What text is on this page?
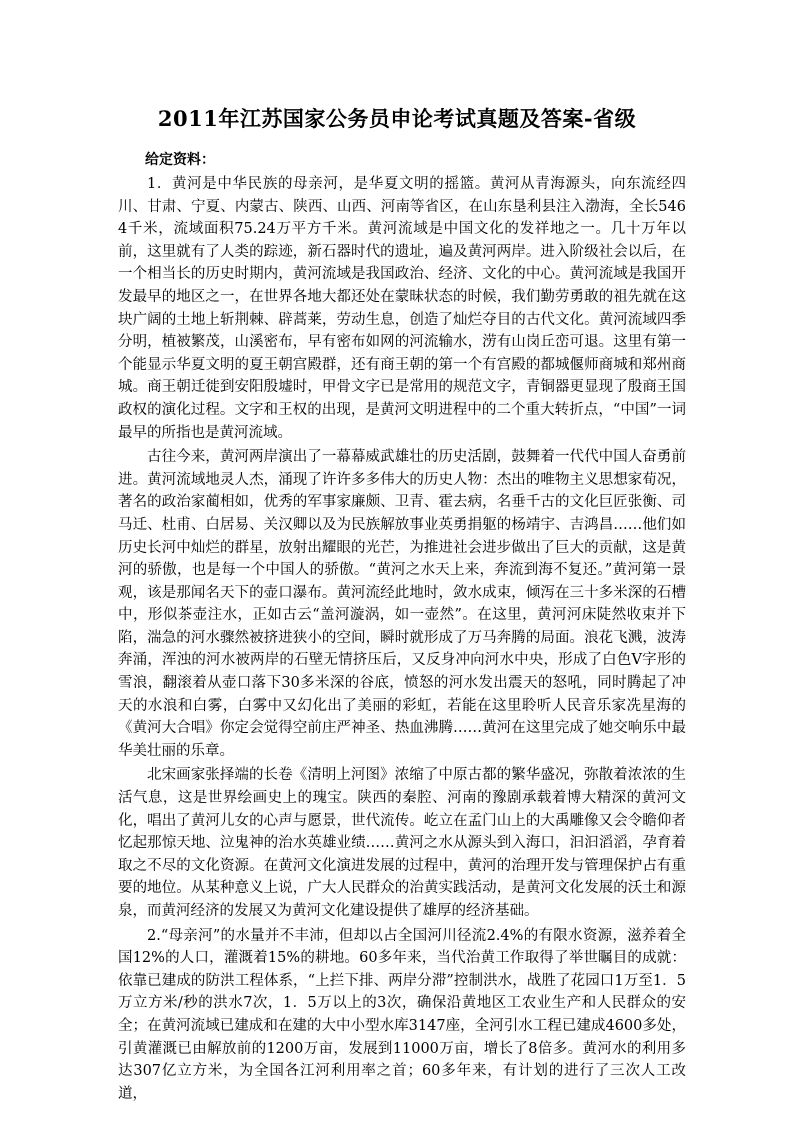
2011年江苏国家公务员申论考试真题及答案-省级
给定资料：

1．黄河是中华民族的母亲河，是华夏文明的摇篮。黄河从青海源头，向东流经四川、甘肃、宁夏、内蒙古、陕西、山西、河南等省区，在山东垦利县注入渤海，全长5464千米，流域面积75.24万平方千米。黄河流域是中国文化的发祥地之一。几十万年以前，这里就有了人类的踪迹，新石器时代的遗址，遍及黄河两岸。进入阶级社会以后，在一个相当长的历史时期内，黄河流域是我国政治、经济、文化的中心。黄河流域是我国开发最早的地区之一，在世界各地大都还处在蒙昧状态的时候，我们勤劳勇敢的祖先就在这块广阔的土地上斩荆棘、辟蒿莱，劳动生息，创造了灿烂夺目的古代文化。黄河流域四季分明，植被繁茂，山溪密布，早有密布如网的河流输水，涝有山岗丘峦可退。这里有第一个能显示华夏文明的夏王朝宫殿群，还有商王朝的第一个有宫殿的都城偃师商城和郑州商城。商王朝迁徙到安阳殷墟时，甲骨文字已是常用的规范文字，青铜器更显现了殷商王国政权的演化过程。文字和王权的出现，是黄河文明进程中的二个重大转折点，“中国”一词最早的所指也是黄河流域。

古往今来，黄河两岸演出了一幕幕威武雄壮的历史活剧，鼓舞着一代代中国人奋勇前进。黄河流域地灵人杰，涌现了许许多多伟大的历史人物：杰出的唯物主义思想家荀况，著名的政治家蔺相如，优秀的军事家廉颇、卫青、霍去病，名垂千古的文化巨匠张衡、司马迁、杜甫、白居易、关汉卿以及为民族解放事业英勇捐躯的杨靖宇、吉鸿昌……他们如历史长河中灿烂的群星，放射出耀眼的光芒，为推进社会进步做出了巨大的贡献，这是黄河的骄傲，也是每一个中国人的骄傲。“黄河之水天上来，奔流到海不复还。”黄河第一景观，该是那闻名天下的壶口瀑布。黄河流经此地时，敛水成束，倾泻在三十多米深的石槽中，形似茶壶注水，正如古云“盖河漩涡，如一壶然”。在这里，黄河河床陡然收束并下陷，湍急的河水骤然被挤进狭小的空间，瞬时就形成了万马奔腾的局面。浪花飞溅，波涛奔涌，浑浊的河水被两岸的石壁无情挤压后，又反身冲向河水中央，形成了白色V字形的雪浪，翻滚着从壶口落下30多米深的谷底，愤怒的河水发出震天的怒吼，同时腾起了冲天的水浪和白雾，白雾中又幻化出了美丽的彩虹，若能在这里聆听人民音乐家冼星海的《黄河大合唱》你定会觉得空前庄严神圣、热血沸腾……黄河在这里完成了她交响乐中最华美壮丽的乐章。

北宋画家张择端的长卷《清明上河图》浓缩了中原古都的繁华盛况，弥散着浓浓的生活气息，这是世界绘画史上的瑰宝。陕西的秦腔、河南的豫剧承载着博大精深的黄河文化，唱出了黄河儿女的心声与愿景，世代流传。屹立在孟门山上的大禹雕像又会令瞻仰者忆起那惊天地、泣鬼神的治水英雄业绩……黄河之水从源头到入海口，汩汩滔滔，孕育着取之不尽的文化资源。在黄河文化演进发展的过程中，黄河的治理开发与管理保护占有重要的地位。从某种意义上说，广大人民群众的治黄实践活动，是黄河文化发展的沃土和源泉，而黄河经济的发展又为黄河文化建设提供了雄厚的经济基础。

2.“母亲河”的水量并不丰沛，但却以占全国河川径流2.4%的有限水资源，滋养着全国12%的人口，灌溉着15%的耕地。60多年来，当代治黄工作取得了举世瞩目的成就：依靠已建成的防洪工程体系，“上拦下排、两岸分滞”控制洪水，战胜了花园口1万至1．5万立方米/秒的洪水7次，1．5万以上的3次，确保沿黄地区工农业生产和人民群众的安全；在黄河流域已建成和在建的大中小型水库3147座，全河引水工程已建成4600多处，引黄灌溉已由解放前的1200万亩，发展到11000万亩，增长了8倍多。黄河水的利用多达307亿立方米，为全国各江河利用率之首；60多年来，有计划的进行了三次人工改道，
